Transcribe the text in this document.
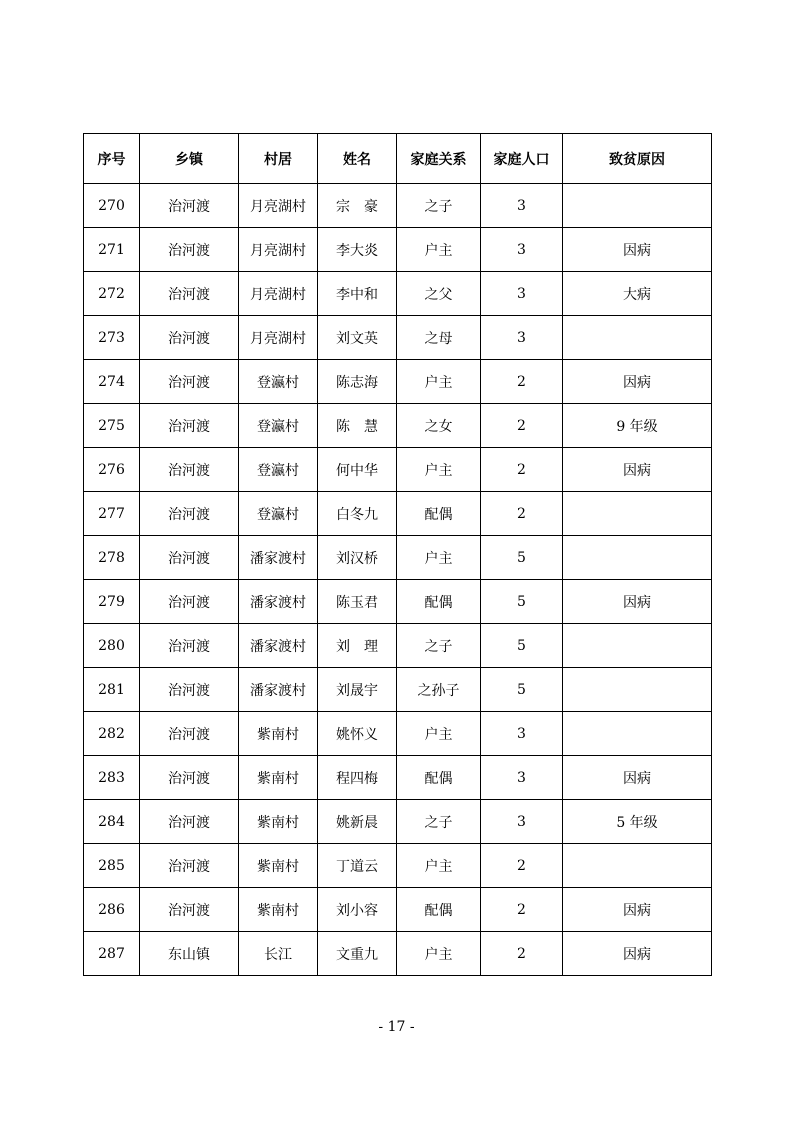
序号	乡镇	村居	姓名	家庭关系	家庭人口	致贫原因
270	治河渡	月亮湖村	宗　豪	之子	3	
271	治河渡	月亮湖村	李大炎	户主	3	因病
272	治河渡	月亮湖村	李中和	之父	3	大病
273	治河渡	月亮湖村	刘文英	之母	3	
274	治河渡	登瀛村	陈志海	户主	2	因病
275	治河渡	登瀛村	陈　慧	之女	2	9 年级
276	治河渡	登瀛村	何中华	户主	2	因病
277	治河渡	登瀛村	白冬九	配偶	2	
278	治河渡	潘家渡村	刘汉桥	户主	5	
279	治河渡	潘家渡村	陈玉君	配偶	5	因病
280	治河渡	潘家渡村	刘　理	之子	5	
281	治河渡	潘家渡村	刘晟宇	之孙子	5	
282	治河渡	紫南村	姚怀义	户主	3	
283	治河渡	紫南村	程四梅	配偶	3	因病
284	治河渡	紫南村	姚新晨	之子	3	5 年级
285	治河渡	紫南村	丁道云	户主	2	
286	治河渡	紫南村	刘小容	配偶	2	因病
287	东山镇	长江	文重九	户主	2	因病
- 17 -
